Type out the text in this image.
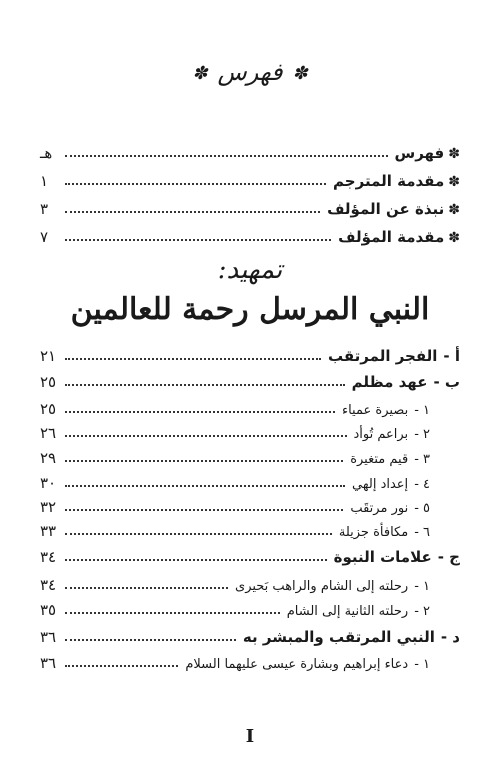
✽فهرس✽
✽فهرس
هـ
✽مقدمة المترجم
١
✽نبذة عن المؤلف
٣
✽مقدمة المؤلف
٧
تمهيد:
النبي المرسل رحمة للعالمين
أ -الفجر المرتقب
٢١
ب -عهد مظلم
٢٥
١ -بصيرة عمياء
٢٥
٢ -براعم تُوأد
٢٦
٣ -قيم متغيرة
٢٩
٤ -إعداد إلهي
٣٠
٥ -نور مرتقَب
٣٢
٦ -مكافأة جزيلة
٣٣
ج -علامات النبوة
٣٤
١ -رحلته إلى الشام والراهب بَحيرى
٣٤
٢ -رحلته الثانية إلى الشام
٣٥
د -النبي المرتقب والمبشر به
٣٦
١ -دعاء إبراهيم وبشارة عيسى عليهما السلام
٣٦
I
